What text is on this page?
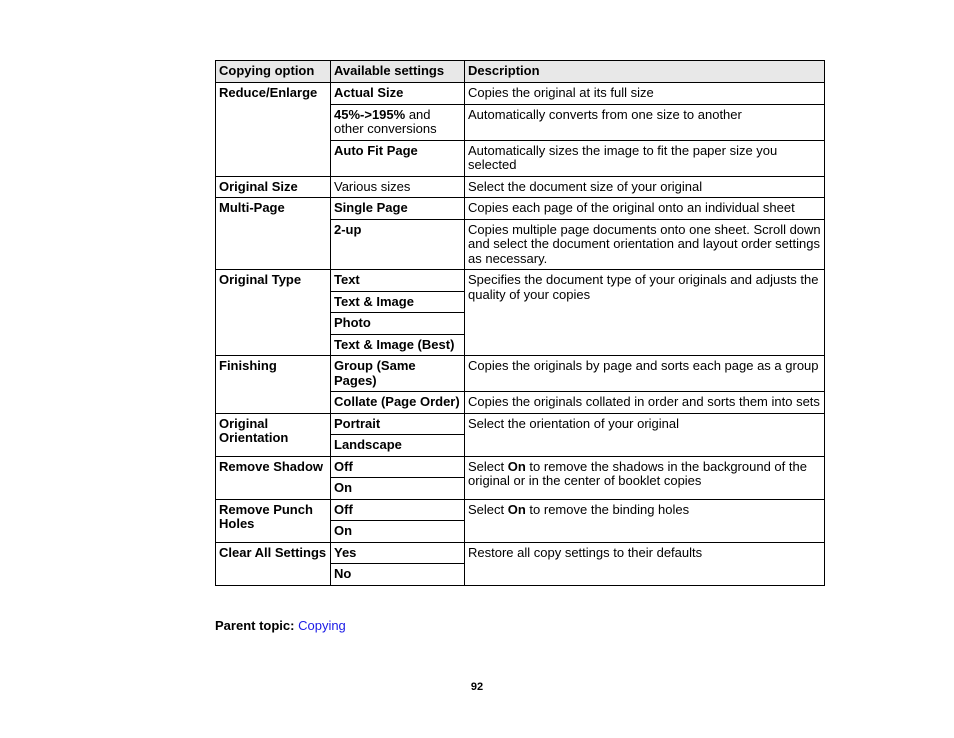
Copying option	Available settings	Description
Reduce/Enlarge	Actual Size	Copies the original at its full size
	45%->195% and other conversions	Automatically converts from one size to another
	Auto Fit Page	Automatically sizes the image to fit the paper size you selected
Original Size	Various sizes	Select the document size of your original
Multi-Page	Single Page	Copies each page of the original onto an individual sheet
	2-up	Copies multiple page documents onto one sheet. Scroll down and select the document orientation and layout order settings as necessary.
Original Type	Text	Specifies the document type of your originals and adjusts the quality of your copies
	Text & Image	
	Photo	
	Text & Image (Best)	
Finishing	Group (Same Pages)	Copies the originals by page and sorts each page as a group
	Collate (Page Order)	Copies the originals collated in order and sorts them into sets
Original Orientation	Portrait	Select the orientation of your original
	Landscape	
Remove Shadow	Off	Select On to remove the shadows in the background of the original or in the center of booklet copies
	On	
Remove Punch Holes	Off	Select On to remove the binding holes
	On	
Clear All Settings	Yes	Restore all copy settings to their defaults
	No	
Parent topic: Copying
92
